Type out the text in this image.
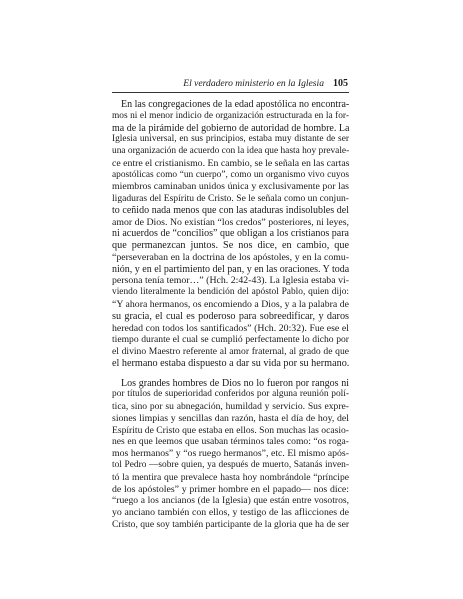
El verdadero ministerio en la Iglesia 105
En las congregaciones de la edad apostólica no encontra-
mos ni el menor indicio de organización estructurada en la for-
ma de la pirámide del gobierno de autoridad de hombre. La
Iglesia universal, en sus principios, estaba muy distante de ser
una organización de acuerdo con la idea que hasta hoy prevale-
ce entre el cristianismo. En cambio, se le señala en las cartas
apostólicas como “un cuerpo”, como un organismo vivo cuyos
miembros caminaban unidos única y exclusivamente por las
ligaduras del Espíritu de Cristo. Se le señala como un conjun-
to ceñido nada menos que con las ataduras indisolubles del
amor de Dios. No existían “los credos” posteriores, ni leyes,
ni acuerdos de “concilios” que obligan a los cristianos para
que permanezcan juntos. Se nos dice, en cambio, que
“perseveraban en la doctrina de los apóstoles, y en la comu-
nión, y en el partimiento del pan, y en las oraciones. Y toda
persona tenía temor…” (Hch. 2:42-43). La Iglesia estaba vi-
viendo literalmente la bendición del apóstol Pablo, quien dijo:
“Y ahora hermanos, os encomiendo a Dios, y a la palabra de
su gracia, el cual es poderoso para sobreedificar, y daros
heredad con todos los santificados” (Hch. 20:32). Fue ese el
tiempo durante el cual se cumplió perfectamente lo dicho por
el divino Maestro referente al amor fraternal, al grado de que
el hermano estaba dispuesto a dar su vida por su hermano.
Los grandes hombres de Dios no lo fueron por rangos ni
por títulos de superioridad conferidos por alguna reunión polí-
tica, sino por su abnegación, humildad y servicio. Sus expre-
siones limpias y sencillas dan razón, hasta el día de hoy, del
Espíritu de Cristo que estaba en ellos. Son muchas las ocasio-
nes en que leemos que usaban términos tales como: “os roga-
mos hermanos” y “os ruego hermanos”, etc. El mismo após-
tol Pedro —sobre quien, ya después de muerto, Satanás inven-
tó la mentira que prevalece hasta hoy nombrándole “príncipe
de los apóstoles” y primer hombre en el papado— nos dice:
“ruego a los ancianos (de la Iglesia) que están entre vosotros,
yo anciano también con ellos, y testigo de las aflicciones de
Cristo, que soy también participante de la gloria que ha de ser
